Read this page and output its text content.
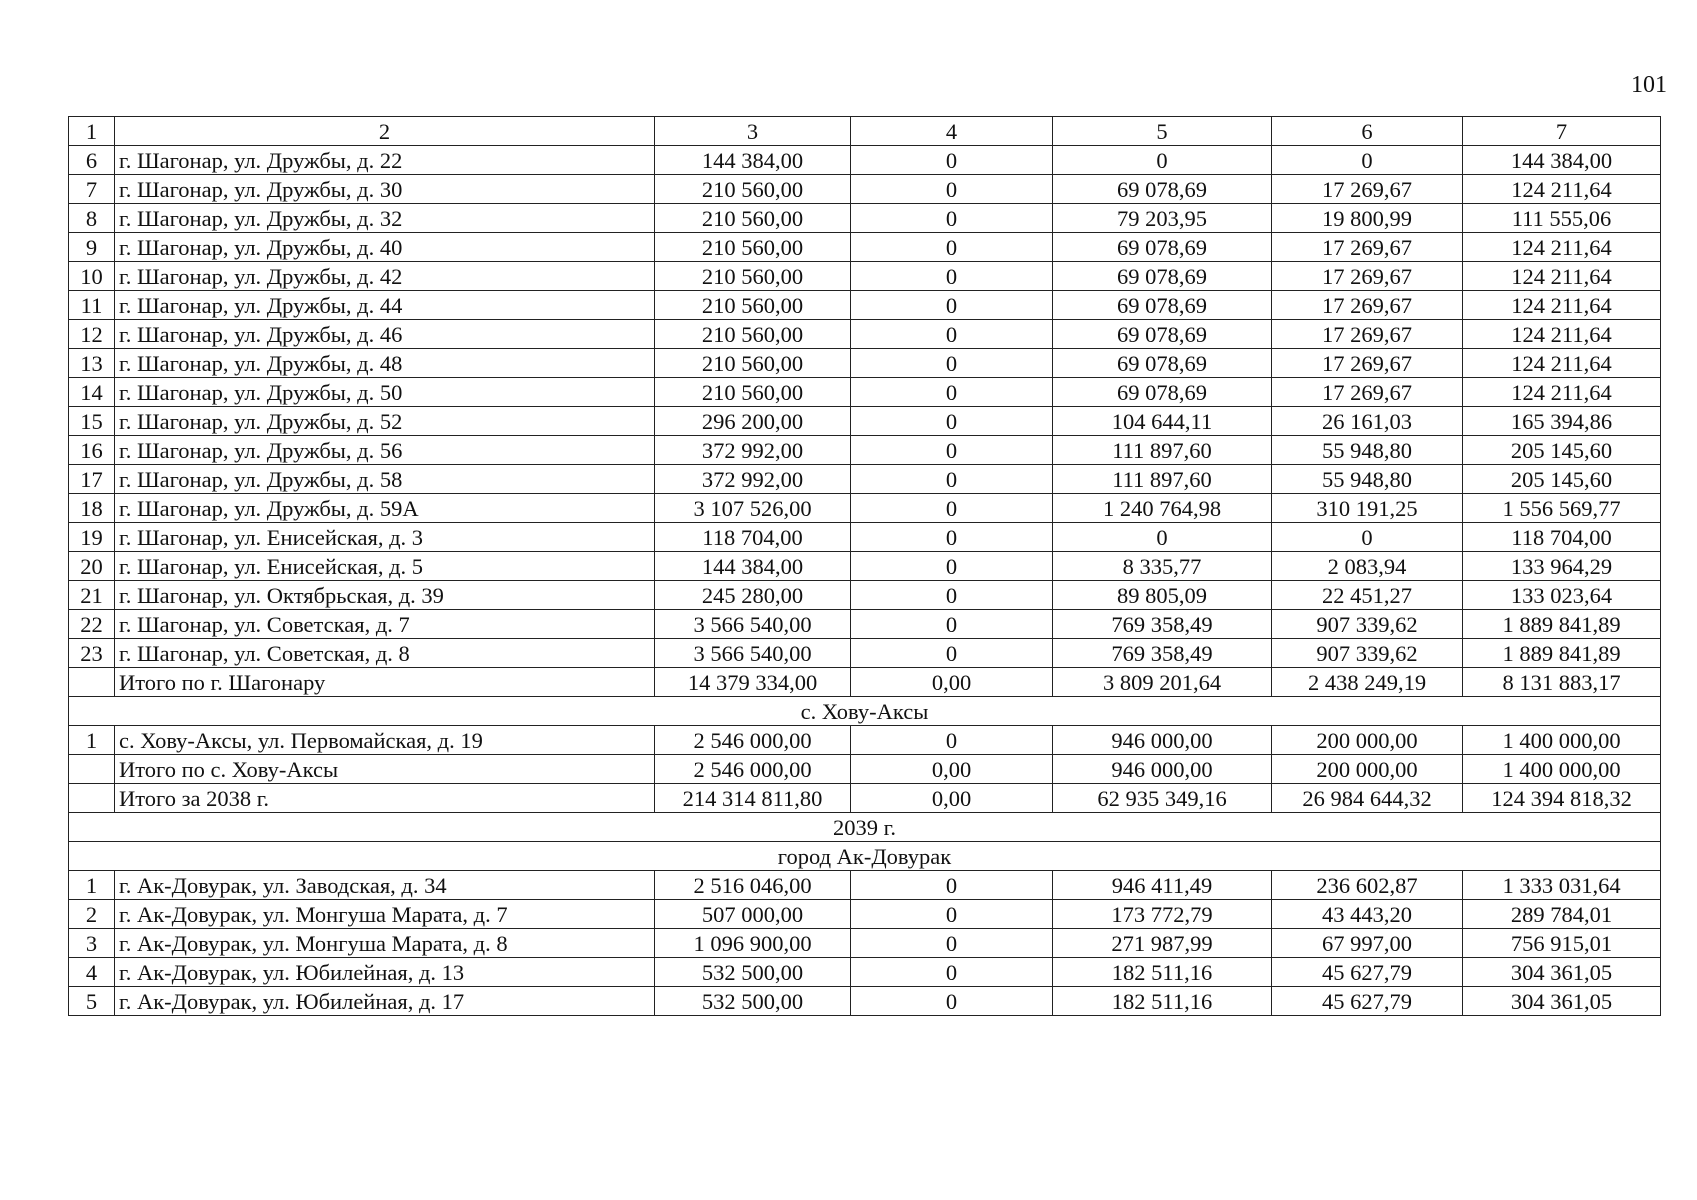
101
1	2	3	4	5	6	7
6	г. Шагонар, ул. Дружбы, д. 22	144 384,00	0	0	0	144 384,00
7	г. Шагонар, ул. Дружбы, д. 30	210 560,00	0	69 078,69	17 269,67	124 211,64
8	г. Шагонар, ул. Дружбы, д. 32	210 560,00	0	79 203,95	19 800,99	111 555,06
9	г. Шагонар, ул. Дружбы, д. 40	210 560,00	0	69 078,69	17 269,67	124 211,64
10	г. Шагонар, ул. Дружбы, д. 42	210 560,00	0	69 078,69	17 269,67	124 211,64
11	г. Шагонар, ул. Дружбы, д. 44	210 560,00	0	69 078,69	17 269,67	124 211,64
12	г. Шагонар, ул. Дружбы, д. 46	210 560,00	0	69 078,69	17 269,67	124 211,64
13	г. Шагонар, ул. Дружбы, д. 48	210 560,00	0	69 078,69	17 269,67	124 211,64
14	г. Шагонар, ул. Дружбы, д. 50	210 560,00	0	69 078,69	17 269,67	124 211,64
15	г. Шагонар, ул. Дружбы, д. 52	296 200,00	0	104 644,11	26 161,03	165 394,86
16	г. Шагонар, ул. Дружбы, д. 56	372 992,00	0	111 897,60	55 948,80	205 145,60
17	г. Шагонар, ул. Дружбы, д. 58	372 992,00	0	111 897,60	55 948,80	205 145,60
18	г. Шагонар, ул. Дружбы, д. 59А	3 107 526,00	0	1 240 764,98	310 191,25	1 556 569,77
19	г. Шагонар, ул. Енисейская, д. 3	118 704,00	0	0	0	118 704,00
20	г. Шагонар, ул. Енисейская, д. 5	144 384,00	0	8 335,77	2 083,94	133 964,29
21	г. Шагонар, ул. Октябрьская, д. 39	245 280,00	0	89 805,09	22 451,27	133 023,64
22	г. Шагонар, ул. Советская, д. 7	3 566 540,00	0	769 358,49	907 339,62	1 889 841,89
23	г. Шагонар, ул. Советская, д. 8	3 566 540,00	0	769 358,49	907 339,62	1 889 841,89
	Итого по г. Шагонару	14 379 334,00	0,00	3 809 201,64	2 438 249,19	8 131 883,17
с. Хову-Аксы						
1	с. Хову-Аксы, ул. Первомайская, д. 19	2 546 000,00	0	946 000,00	200 000,00	1 400 000,00
	Итого по с. Хову-Аксы	2 546 000,00	0,00	946 000,00	200 000,00	1 400 000,00
	Итого за 2038 г.	214 314 811,80	0,00	62 935 349,16	26 984 644,32	124 394 818,32
2039 г.						
город Ак-Довурак						
1	г. Ак-Довурак, ул. Заводская, д. 34	2 516 046,00	0	946 411,49	236 602,87	1 333 031,64
2	г. Ак-Довурак, ул. Монгуша Марата, д. 7	507 000,00	0	173 772,79	43 443,20	289 784,01
3	г. Ак-Довурак, ул. Монгуша Марата, д. 8	1 096 900,00	0	271 987,99	67 997,00	756 915,01
4	г. Ак-Довурак, ул. Юбилейная, д. 13	532 500,00	0	182 511,16	45 627,79	304 361,05
5	г. Ак-Довурак, ул. Юбилейная, д. 17	532 500,00	0	182 511,16	45 627,79	304 361,05
